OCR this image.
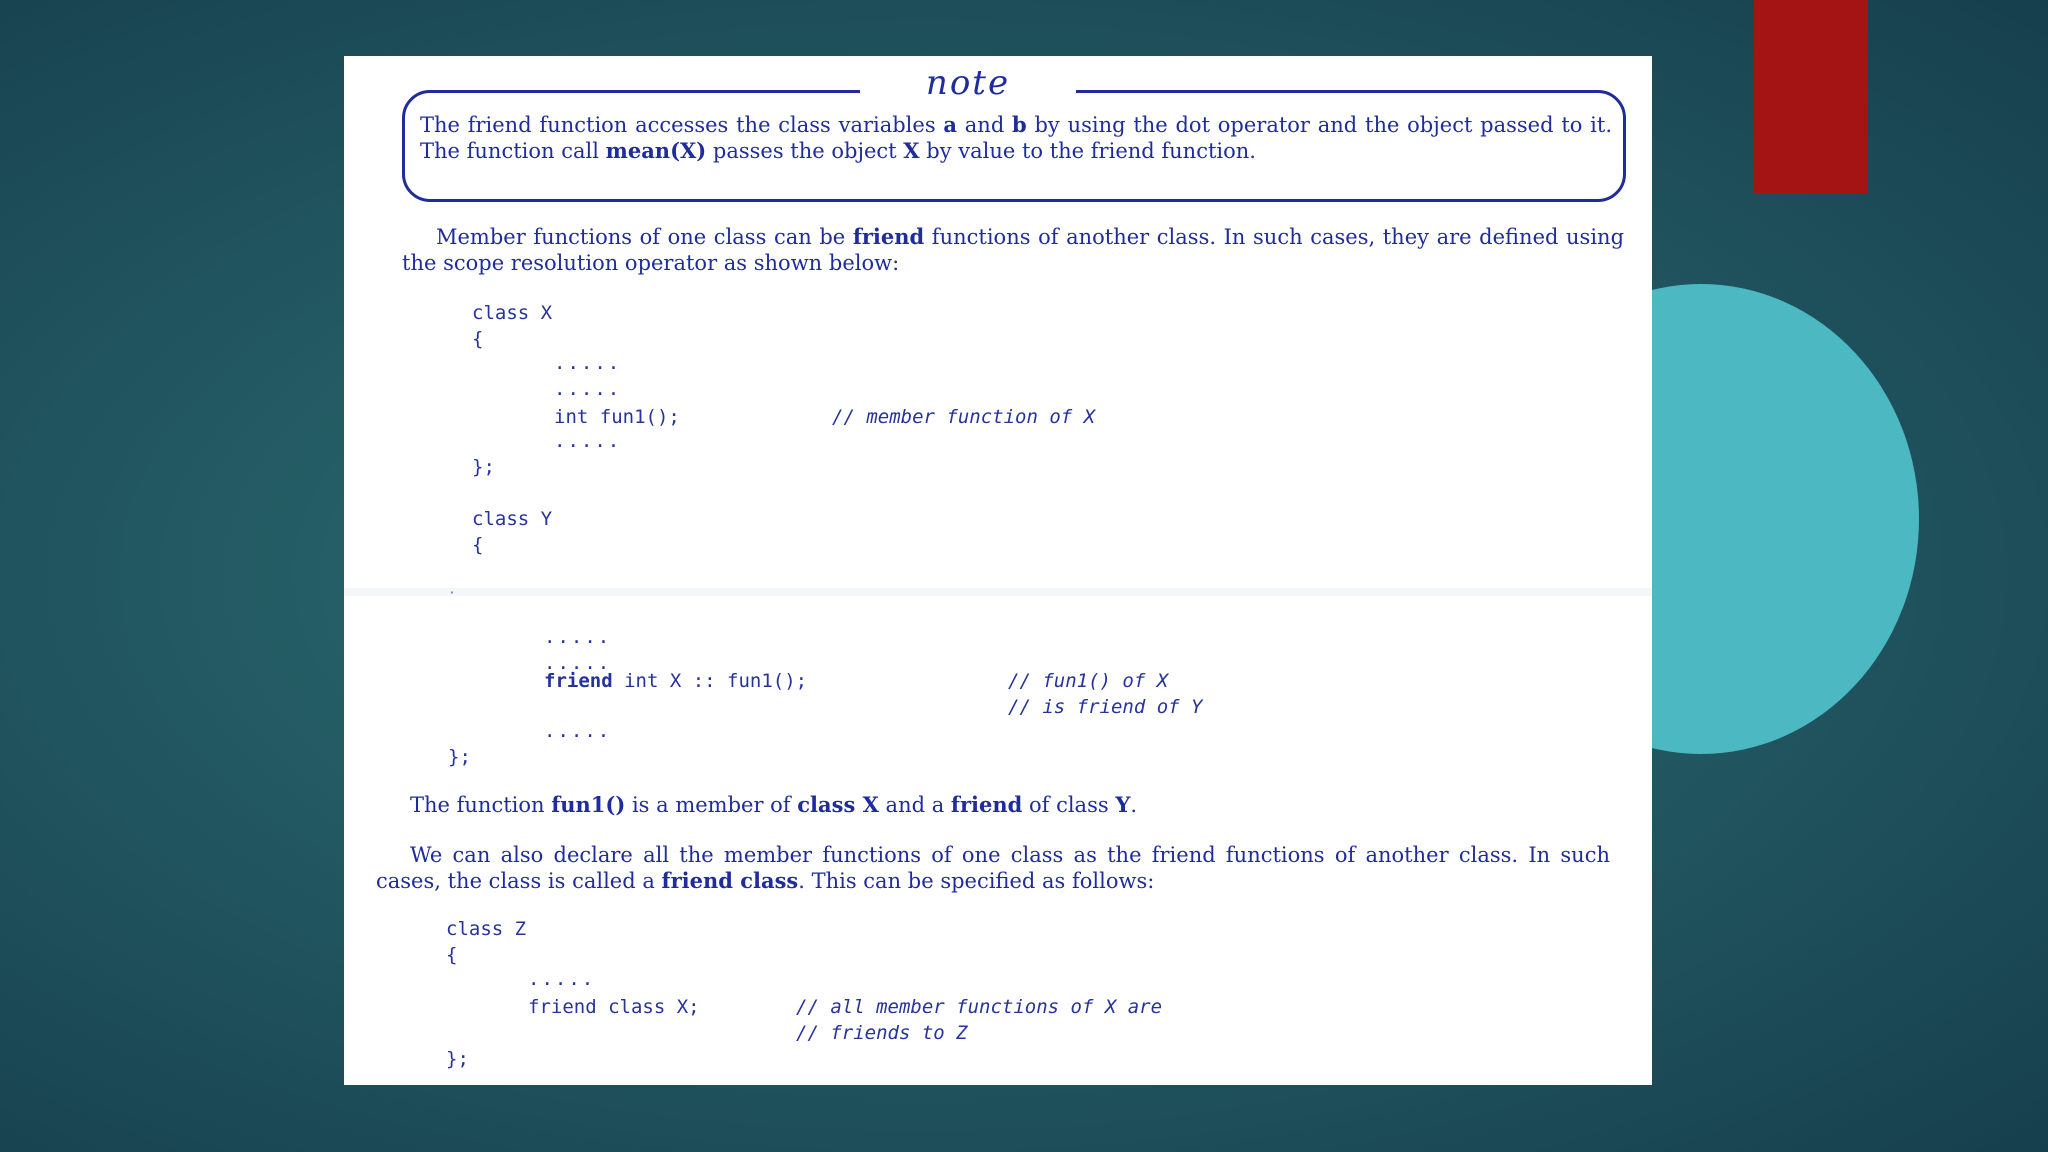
note
The friend function accesses the class variables a and b by using the dot operator and the object passed to it. The function call mean(X) passes the object X by value to the friend function.
Member functions of one class can be friend functions of another class. In such cases, they are defined using the scope resolution operator as shown below:
class X
{
.....
.....
int fun1();	// member function of X
.....
};
class Y
{
·
.....
.....
friend int X :: fun1();	// fun1() of X
// is friend of Y
.....
};
The function fun1() is a member of class X and a friend of class Y.
We can also declare all the member functions of one class as the friend functions of another class. In such cases, the class is called a friend class. This can be specified as follows:
class Z
{
.....
friend class X;	// all member functions of X are
// friends to Z
};
